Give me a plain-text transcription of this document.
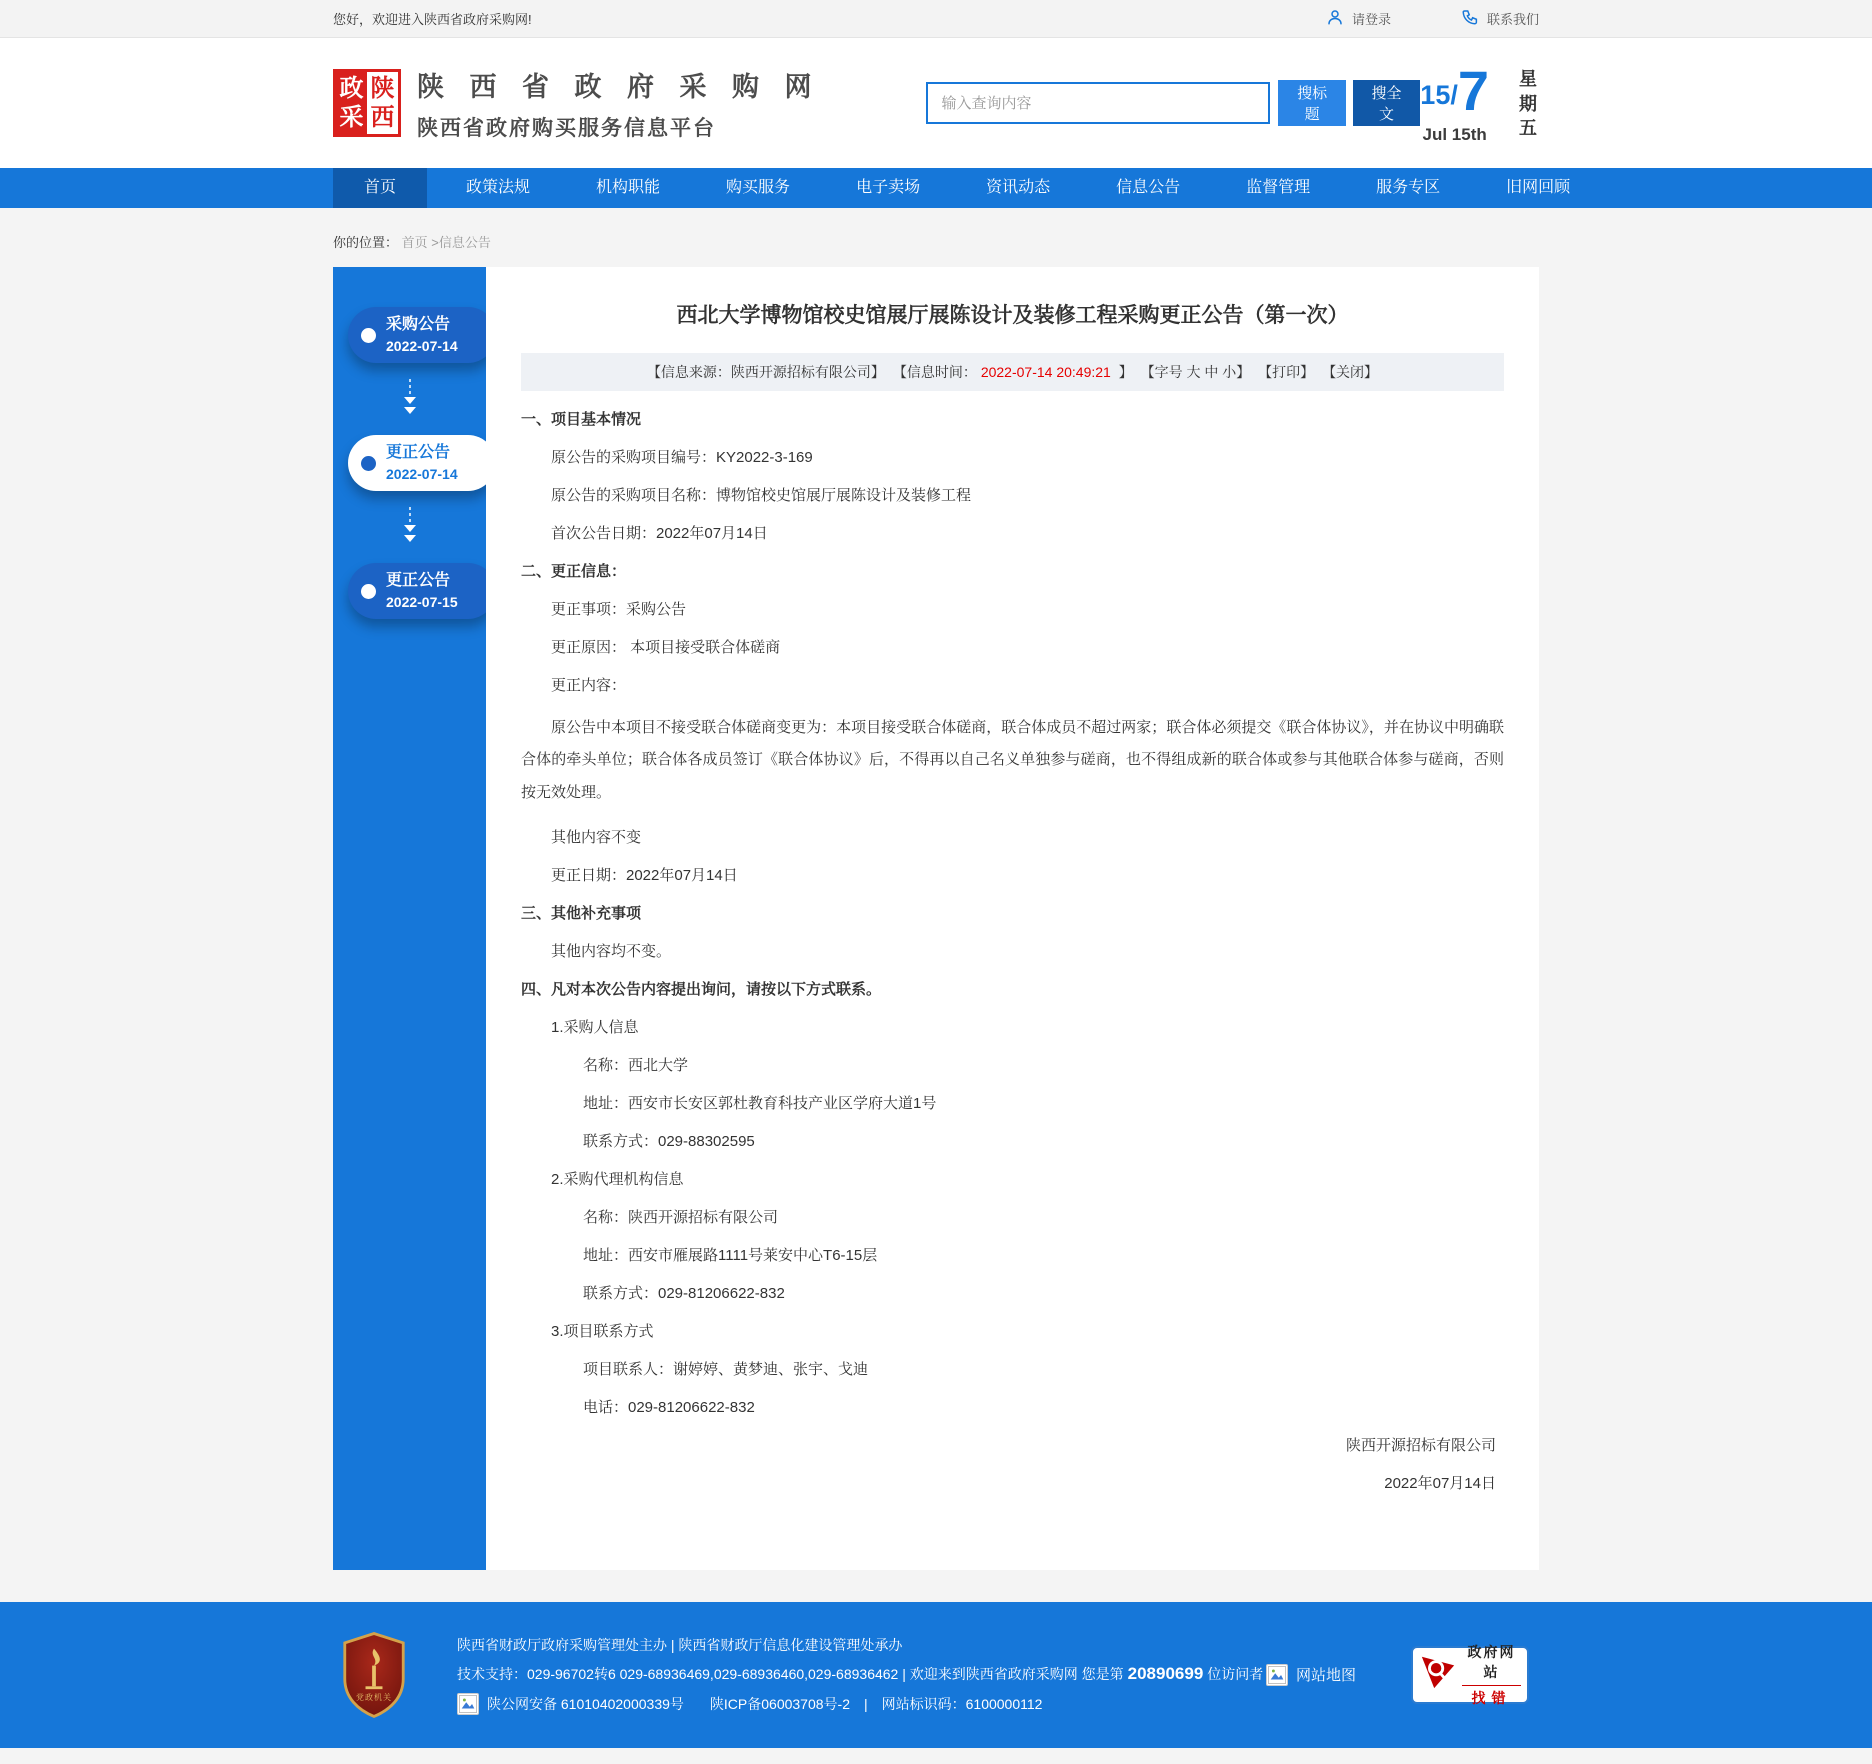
您好，欢迎进入陕西省政府采购网!	请登录	联系我们
政
采
陕
西
陕 西 省 政 府 采 购 网
陕西省政府购买服务信息平台
输入查询内容
搜标题
搜全文
15/ 7
Jul 15th
星期五
首页	政策法规	机构职能	购买服务	电子卖场	资讯动态	信息公告	监督管理	服务专区	旧网回顾
你的位置： 首页 >信息公告
采购公告
2022-07-14
更正公告
2022-07-14
更正公告
2022-07-15
西北大学博物馆校史馆展厅展陈设计及装修工程采购更正公告（第一次）
【信息来源：陕西开源招标有限公司】 【信息时间： 2022-07-14 20:49:21 】 【字号 大 中 小】 【打印】 【关闭】

一、项目基本情况

原公告的采购项目编号：KY2022-3-169

原公告的采购项目名称：博物馆校史馆展厅展陈设计及装修工程

首次公告日期：2022年07月14日

二、更正信息：

更正事项：采购公告

更正原因： 本项目接受联合体磋商

更正内容：

原公告中本项目不接受联合体磋商变更为：本项目接受联合体磋商，联合体成员不超过两家；联合体必须提交《联合体协议》，并在协议中明确联合体的牵头单位；联合体各成员签订《联合体协议》后，不得再以自己名义单独参与磋商，也不得组成新的联合体或参与其他联合体参与磋商，否则按无效处理。

其他内容不变

更正日期：2022年07月14日

三、其他补充事项

其他内容均不变。

四、凡对本次公告内容提出询问，请按以下方式联系。

1.采购人信息

名称：西北大学

地址：西安市长安区郭杜教育科技产业区学府大道1号

联系方式：029-88302595

2.采购代理机构信息

名称：陕西开源招标有限公司

地址：西安市雁展路1111号莱安中心T6-15层

联系方式：029-81206622-832

3.项目联系方式

项目联系人：谢婷婷、黄梦迪、张宇、戈迪

电话：029-81206622-832

陕西开源招标有限公司

2022年07月14日

党政机关
陕西省财政厅政府采购管理处主办 | 陕西省财政厅信息化建设管理处承办
技术支持：029-96702转6 029-68936469,029-68936460,029-68936462 | 欢迎来到陕西省政府采购网 您是第 20890699 位访问者
陕公网安备 61010402000339号 陕ICP备06003708号-2 | 网站标识码：6100000112
网站地图
政府网站
找错
